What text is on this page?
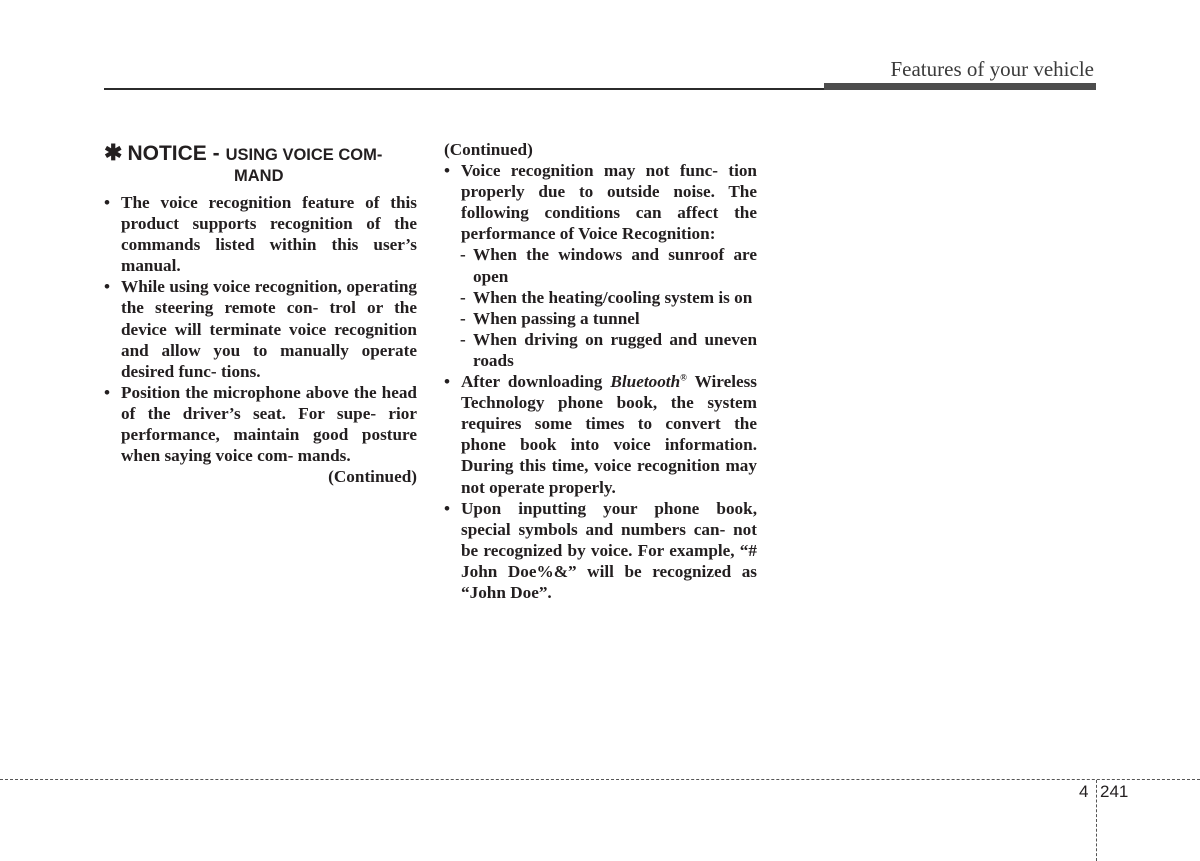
Features of your vehicle
✱ NOTICE - USING VOICE COM-
MAND
• The voice recognition feature of this product supports recognition of the commands listed within this user’s manual.
• While using voice recognition, operating the steering remote con- trol or the device will terminate voice recognition and allow you to manually operate desired func- tions.
• Position the microphone above the head of the driver’s seat. For supe- rior performance, maintain good posture when saying voice com- mands.
(Continued)
(Continued)
• Voice recognition may not func- tion properly due to outside noise. The following conditions can affect the performance of Voice Recognition:
- When the windows and sunroof are open
- When the heating/cooling system is on
- When passing a tunnel
- When driving on rugged and uneven roads
• After downloading Bluetooth® Wireless Technology phone book, the system requires some times to convert the phone book into voice information. During this time, voice recognition may not operate properly.
• Upon inputting your phone book, special symbols and numbers can- not be recognized by voice. For example, “# John Doe%&” will be recognized as “John Doe”.
4 241
